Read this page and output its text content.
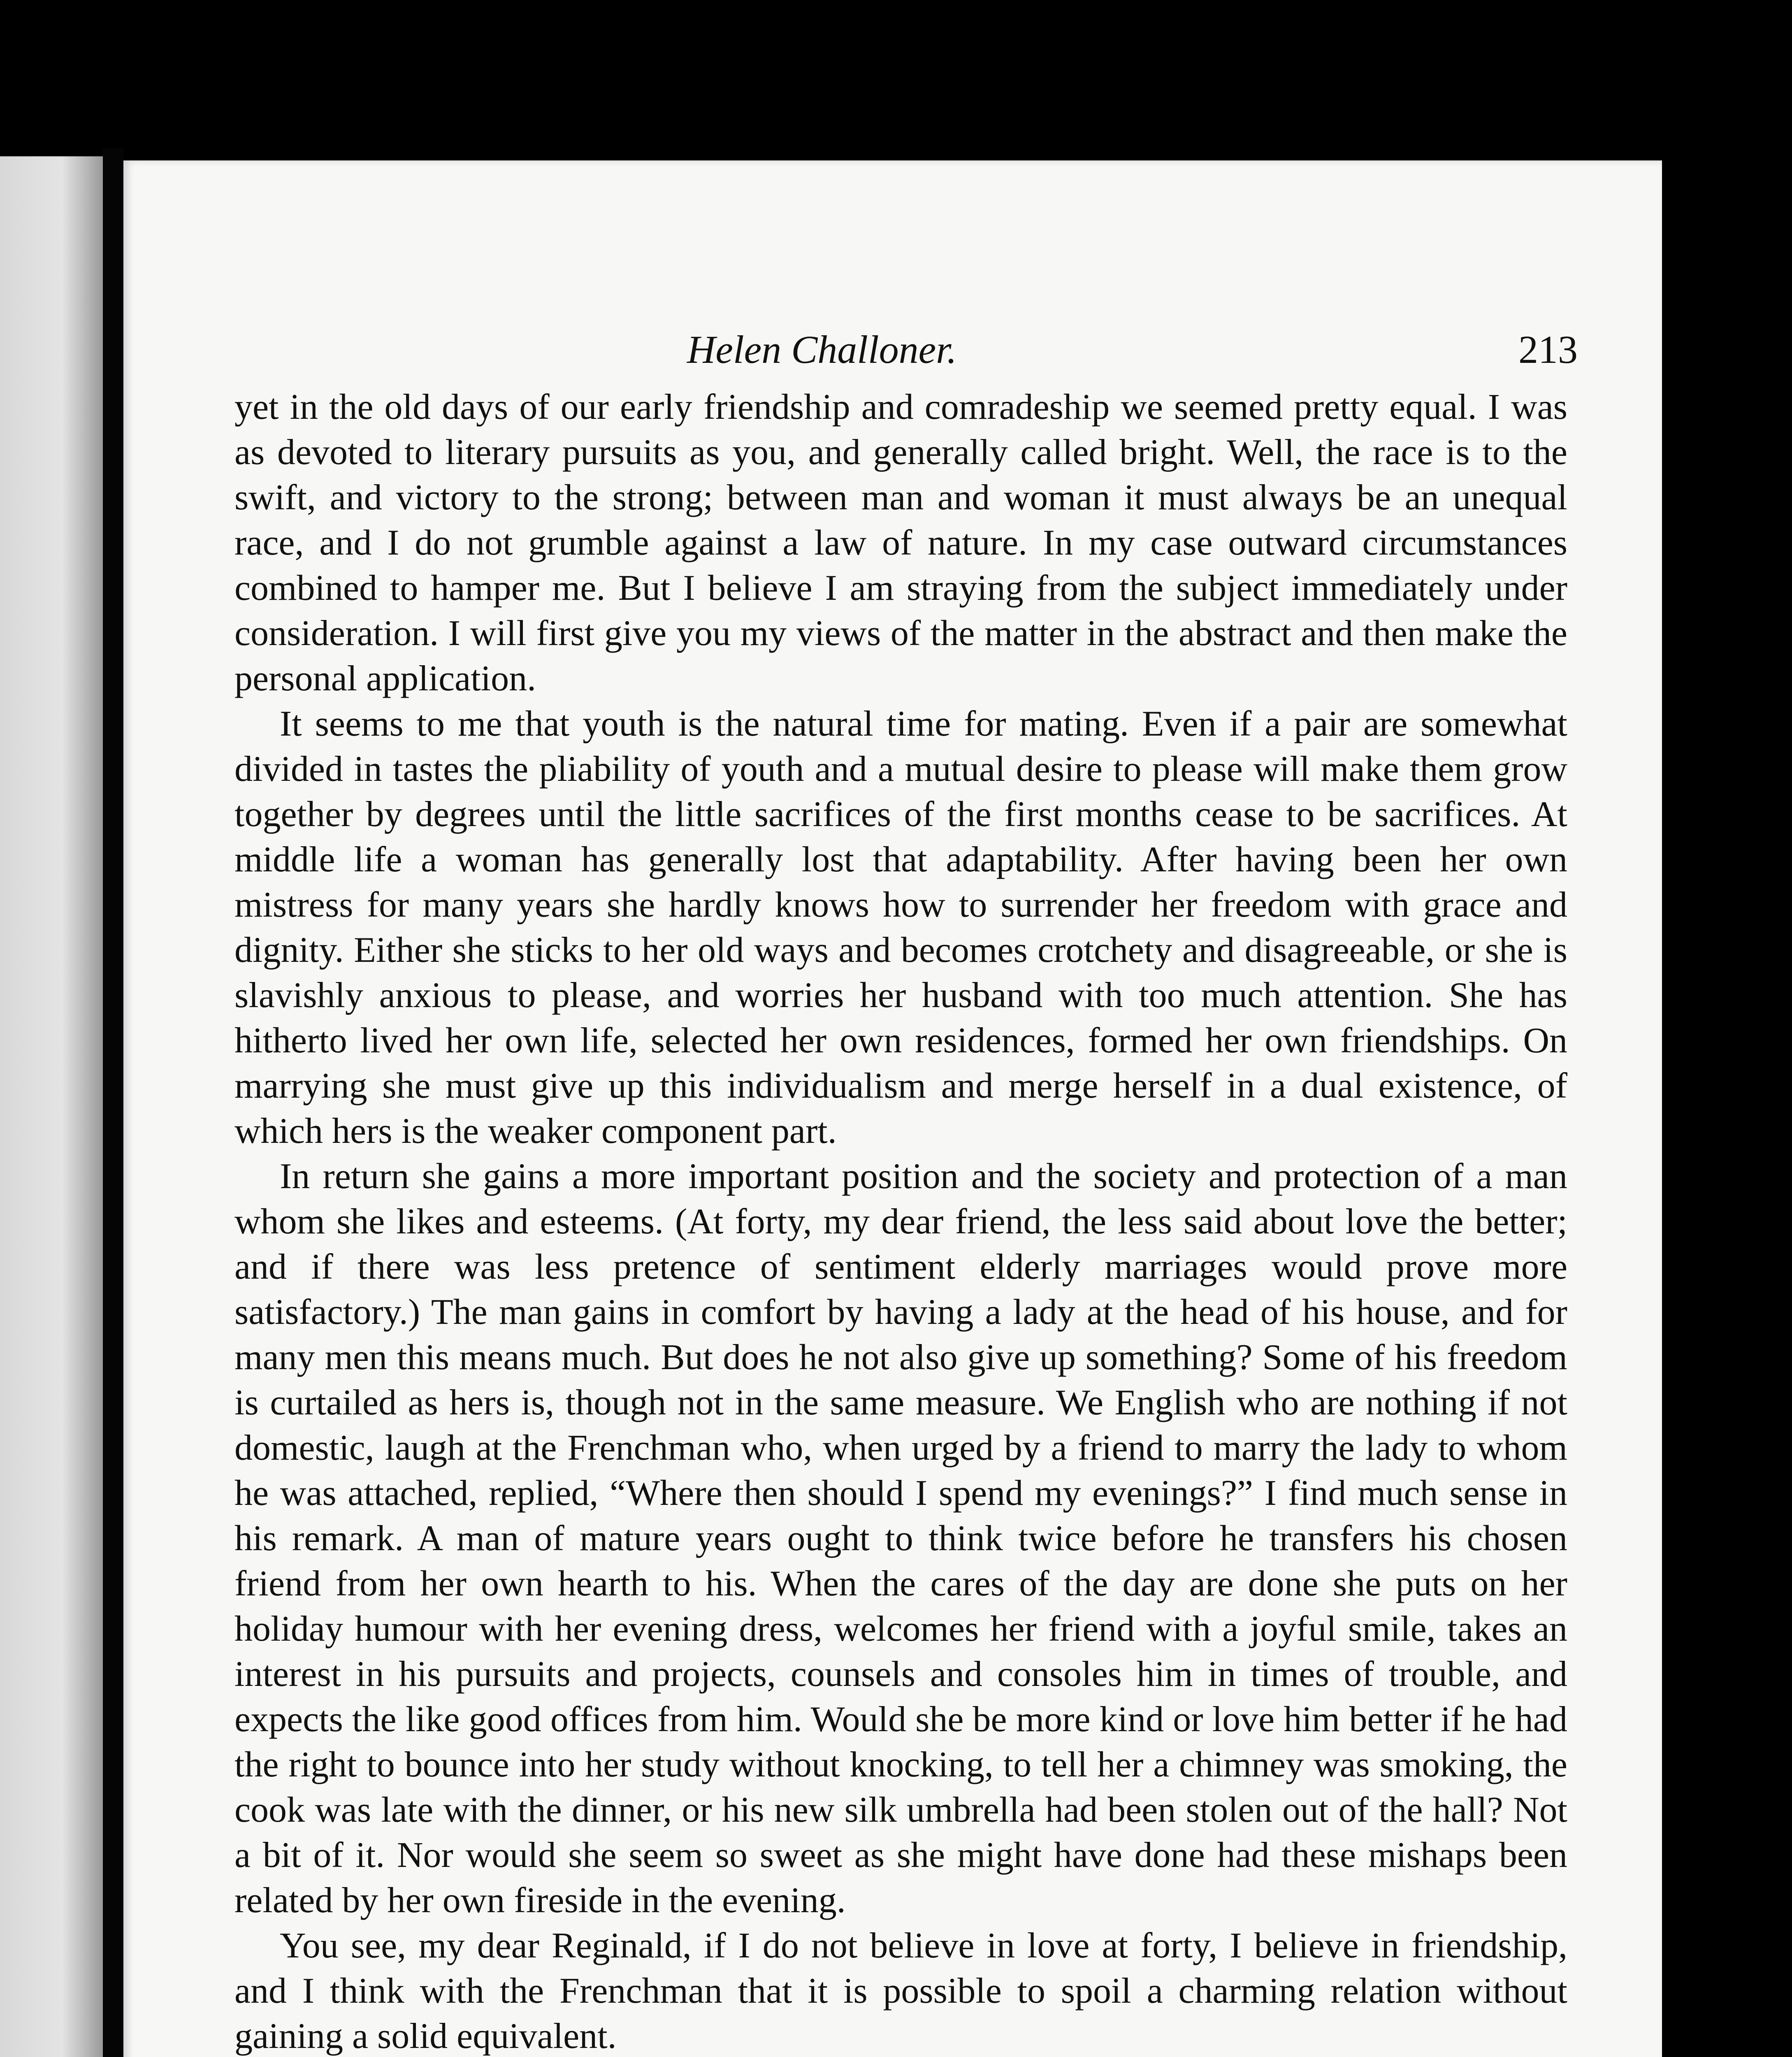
Helen Challoner.	213

yet in the old days of our early friendship and comradeship we seemed pretty equal. I was as devoted to literary pursuits as you, and generally called bright. Well, the race is to the swift, and victory to the strong; between man and woman it must always be an unequal race, and I do not grumble against a law of nature. In my case outward circumstances combined to hamper me. But I believe I am straying from the subject immediately under consideration. I will first give you my views of the matter in the abstract and then make the personal application.

It seems to me that youth is the natural time for mating. Even if a pair are somewhat divided in tastes the pliability of youth and a mutual desire to please will make them grow together by degrees until the little sacrifices of the first months cease to be sacrifices. At middle life a woman has generally lost that adaptability. After having been her own mistress for many years she hardly knows how to surrender her freedom with grace and dignity. Either she sticks to her old ways and becomes crotchety and disagreeable, or she is slavishly anxious to please, and worries her husband with too much attention. She has hitherto lived her own life, selected her own residences, formed her own friendships. On marrying she must give up this individualism and merge herself in a dual existence, of which hers is the weaker component part.

In return she gains a more important position and the society and protection of a man whom she likes and esteems. (At forty, my dear friend, the less said about love the better; and if there was less pretence of sentiment elderly marriages would prove more satisfactory.) The man gains in comfort by having a lady at the head of his house, and for many men this means much. But does he not also give up something? Some of his freedom is curtailed as hers is, though not in the same measure. We English who are nothing if not domestic, laugh at the Frenchman who, when urged by a friend to marry the lady to whom he was attached, replied, “Where then should I spend my evenings?” I find much sense in his remark. A man of mature years ought to think twice before he transfers his chosen friend from her own hearth to his. When the cares of the day are done she puts on her holiday humour with her evening dress, welcomes her friend with a joyful smile, takes an interest in his pursuits and projects, counsels and consoles him in times of trouble, and expects the like good offices from him. Would she be more kind or love him better if he had the right to bounce into her study without knocking, to tell her a chimney was smoking, the cook was late with the dinner, or his new silk umbrella had been stolen out of the hall? Not a bit of it. Nor would she seem so sweet as she might have done had these mishaps been related by her own fireside in the evening.

You see, my dear Reginald, if I do not believe in love at forty, I believe in friendship, and I think with the Frenchman that it is possible to spoil a charming relation without gaining a solid equivalent.
